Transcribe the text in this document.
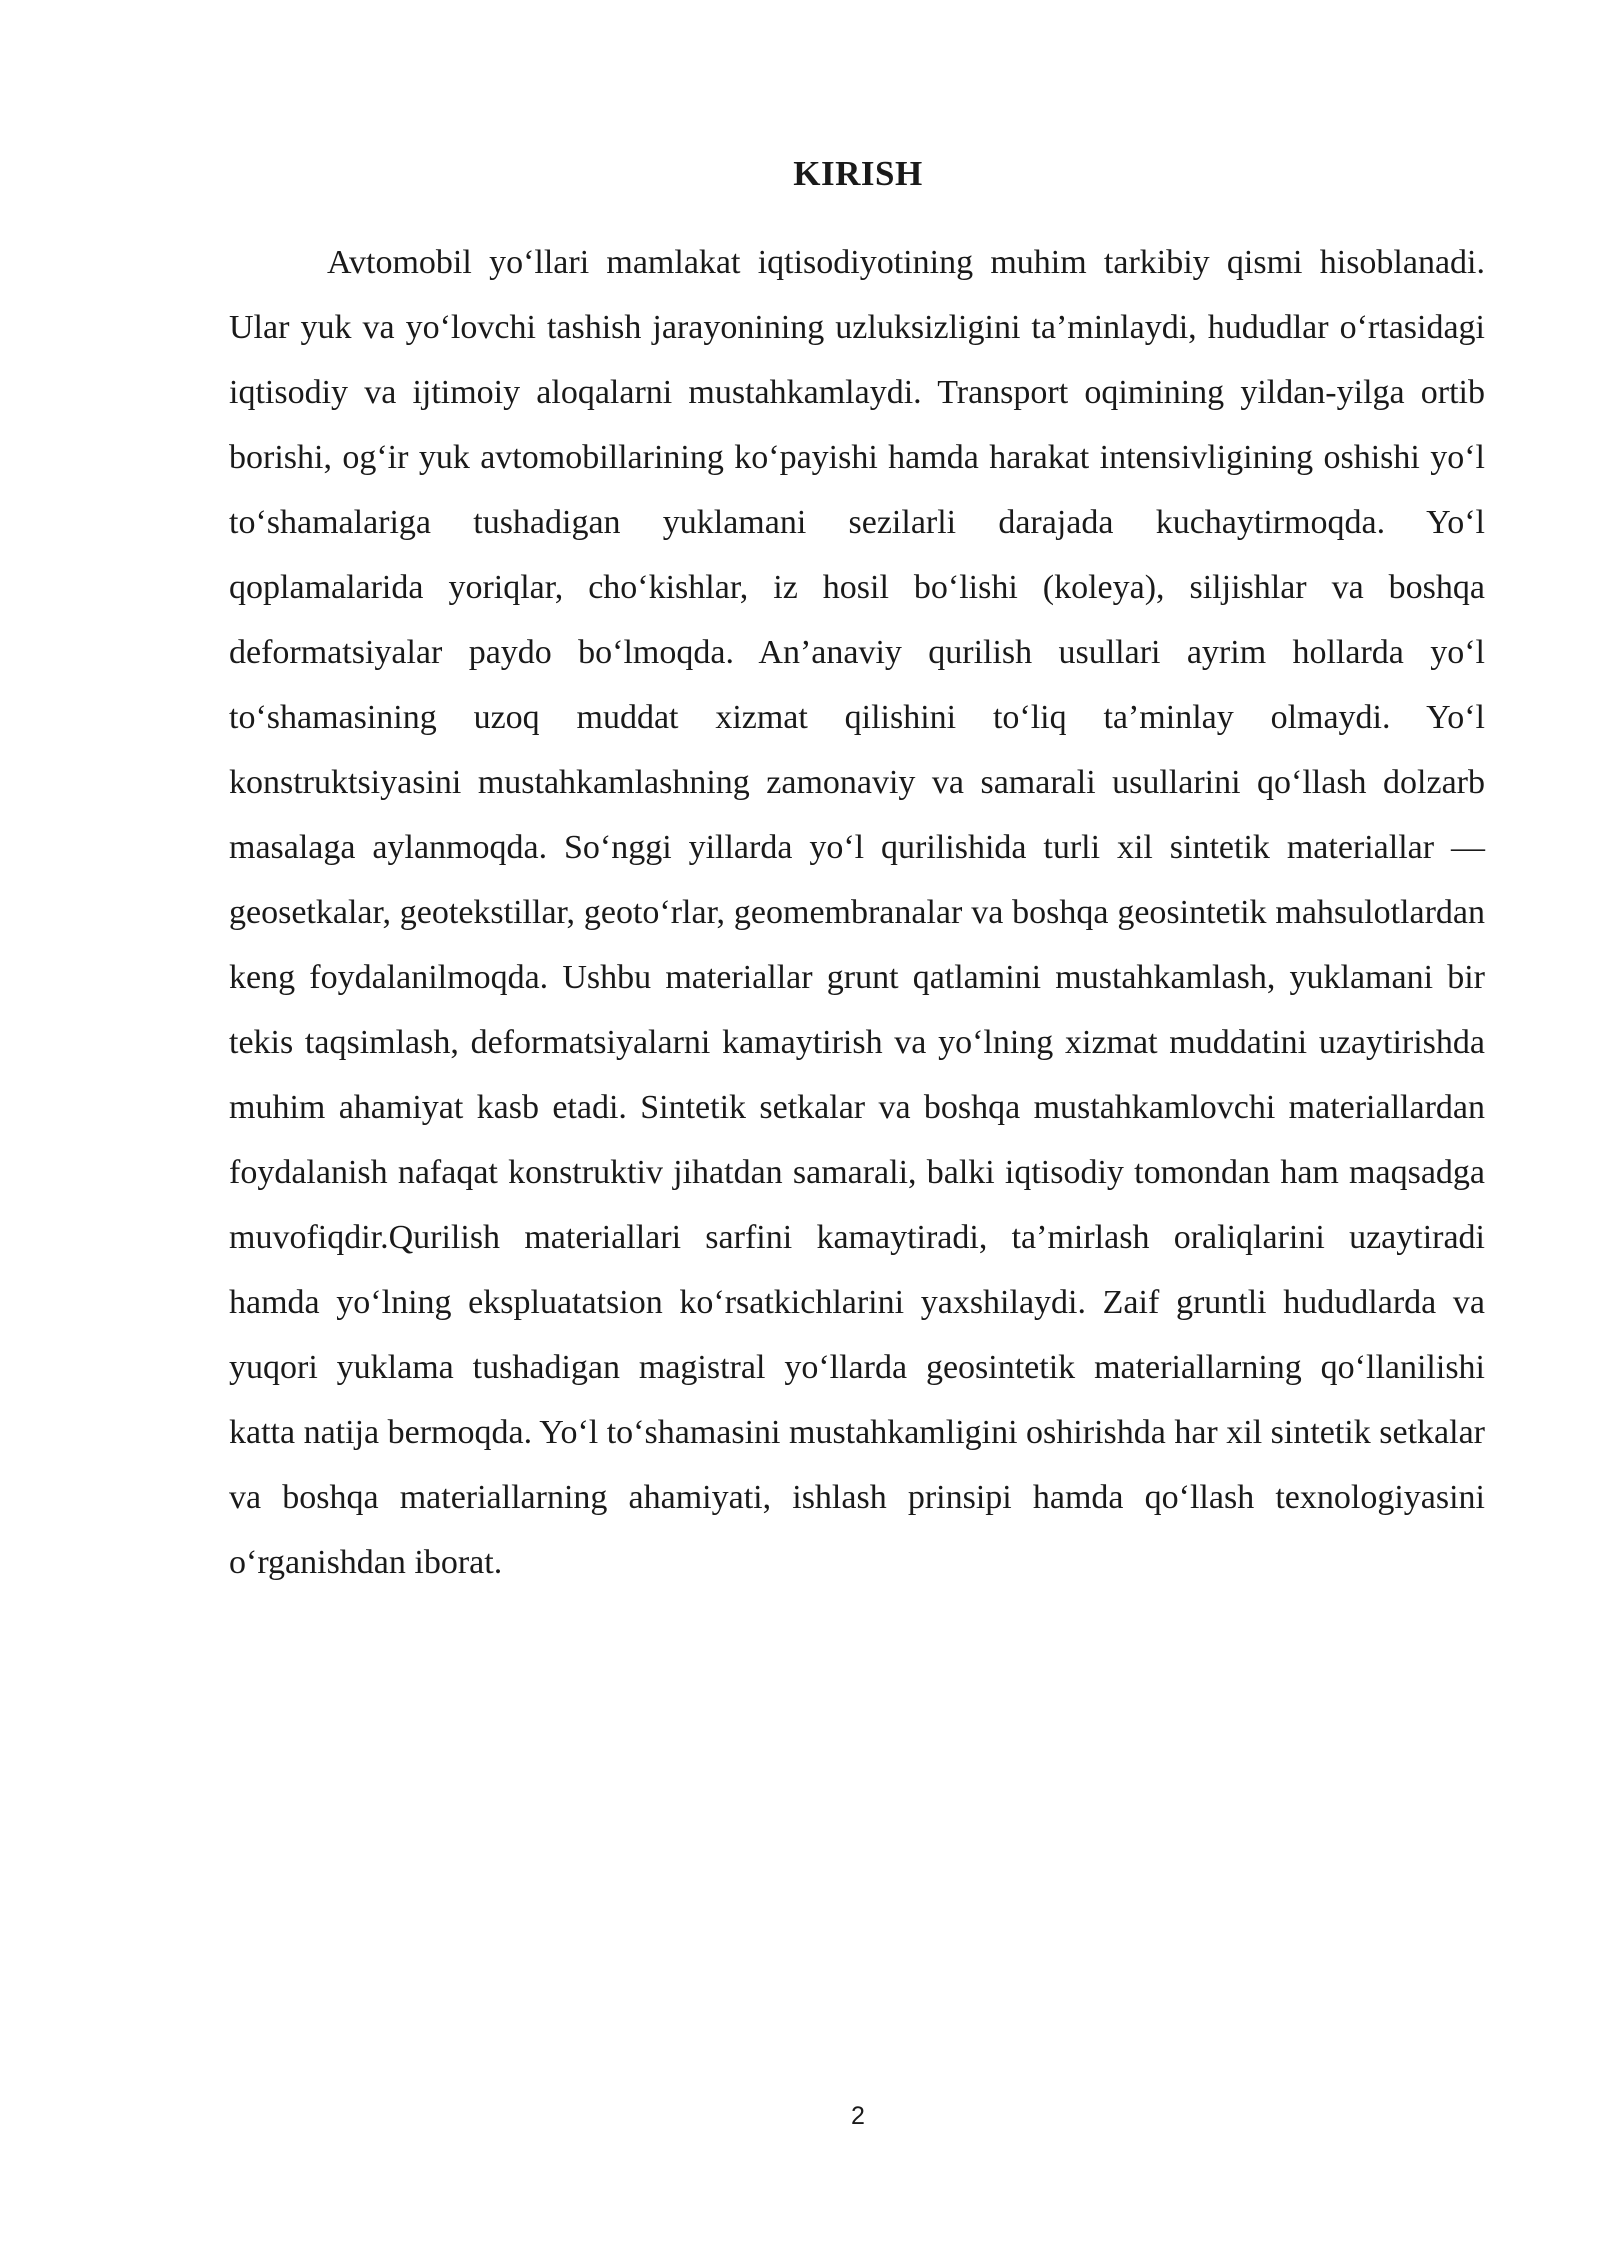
KIRISH

Avtomobil yo‘llari mamlakat iqtisodiyotining muhim tarkibiy qismi hisoblanadi. Ular yuk va yo‘lovchi tashish jarayonining uzluksizligini ta’minlaydi, hududlar o‘rtasidagi iqtisodiy va ijtimoiy aloqalarni mustahkamlaydi. Transport oqimining yildan-yilga ortib borishi, og‘ir yuk avtomobillarining ko‘payishi hamda harakat intensivligining oshishi yo‘l to‘shamalariga tushadigan yuklamani sezilarli darajada kuchaytirmoqda. Yo‘l qoplamalarida yoriqlar, cho‘kishlar, iz hosil bo‘lishi (koleya), siljishlar va boshqa deformatsiyalar paydo bo‘lmoqda. An’anaviy qurilish usullari ayrim hollarda yo‘l to‘shamasining uzoq muddat xizmat qilishini to‘liq ta’minlay olmaydi. Yo‘l konstruktsiyasini mustahkamlashning zamonaviy va samarali usullarini qo‘llash dolzarb masalaga aylanmoqda. So‘nggi yillarda yo‘l qurilishida turli xil sintetik materiallar — geosetkalar, geotekstillar, geoto‘rlar, geomembranalar va boshqa geosintetik mahsulotlardan keng foydalanilmoqda. Ushbu materiallar grunt qatlamini mustahkamlash, yuklamani bir tekis taqsimlash, deformatsiyalarni kamaytirish va yo‘lning xizmat muddatini uzaytirishda muhim ahamiyat kasb etadi. Sintetik setkalar va boshqa mustahkamlovchi materiallardan foydalanish nafaqat konstruktiv jihatdan samarali, balki iqtisodiy tomondan ham maqsadga muvofiqdir.Qurilish materiallari sarfini kamaytiradi, ta’mirlash oraliqlarini uzaytiradi hamda yo‘lning ekspluatatsion ko‘rsatkichlarini yaxshilaydi. Zaif gruntli hududlarda va yuqori yuklama tushadigan magistral yo‘llarda geosintetik materiallarning qo‘llanilishi katta natija bermoqda. Yo‘l to‘shamasini mustahkamligini oshirishda har xil sintetik setkalar va boshqa materiallarning ahamiyati, ishlash prinsipi hamda qo‘llash texnologiyasini o‘rganishdan iborat.

2
